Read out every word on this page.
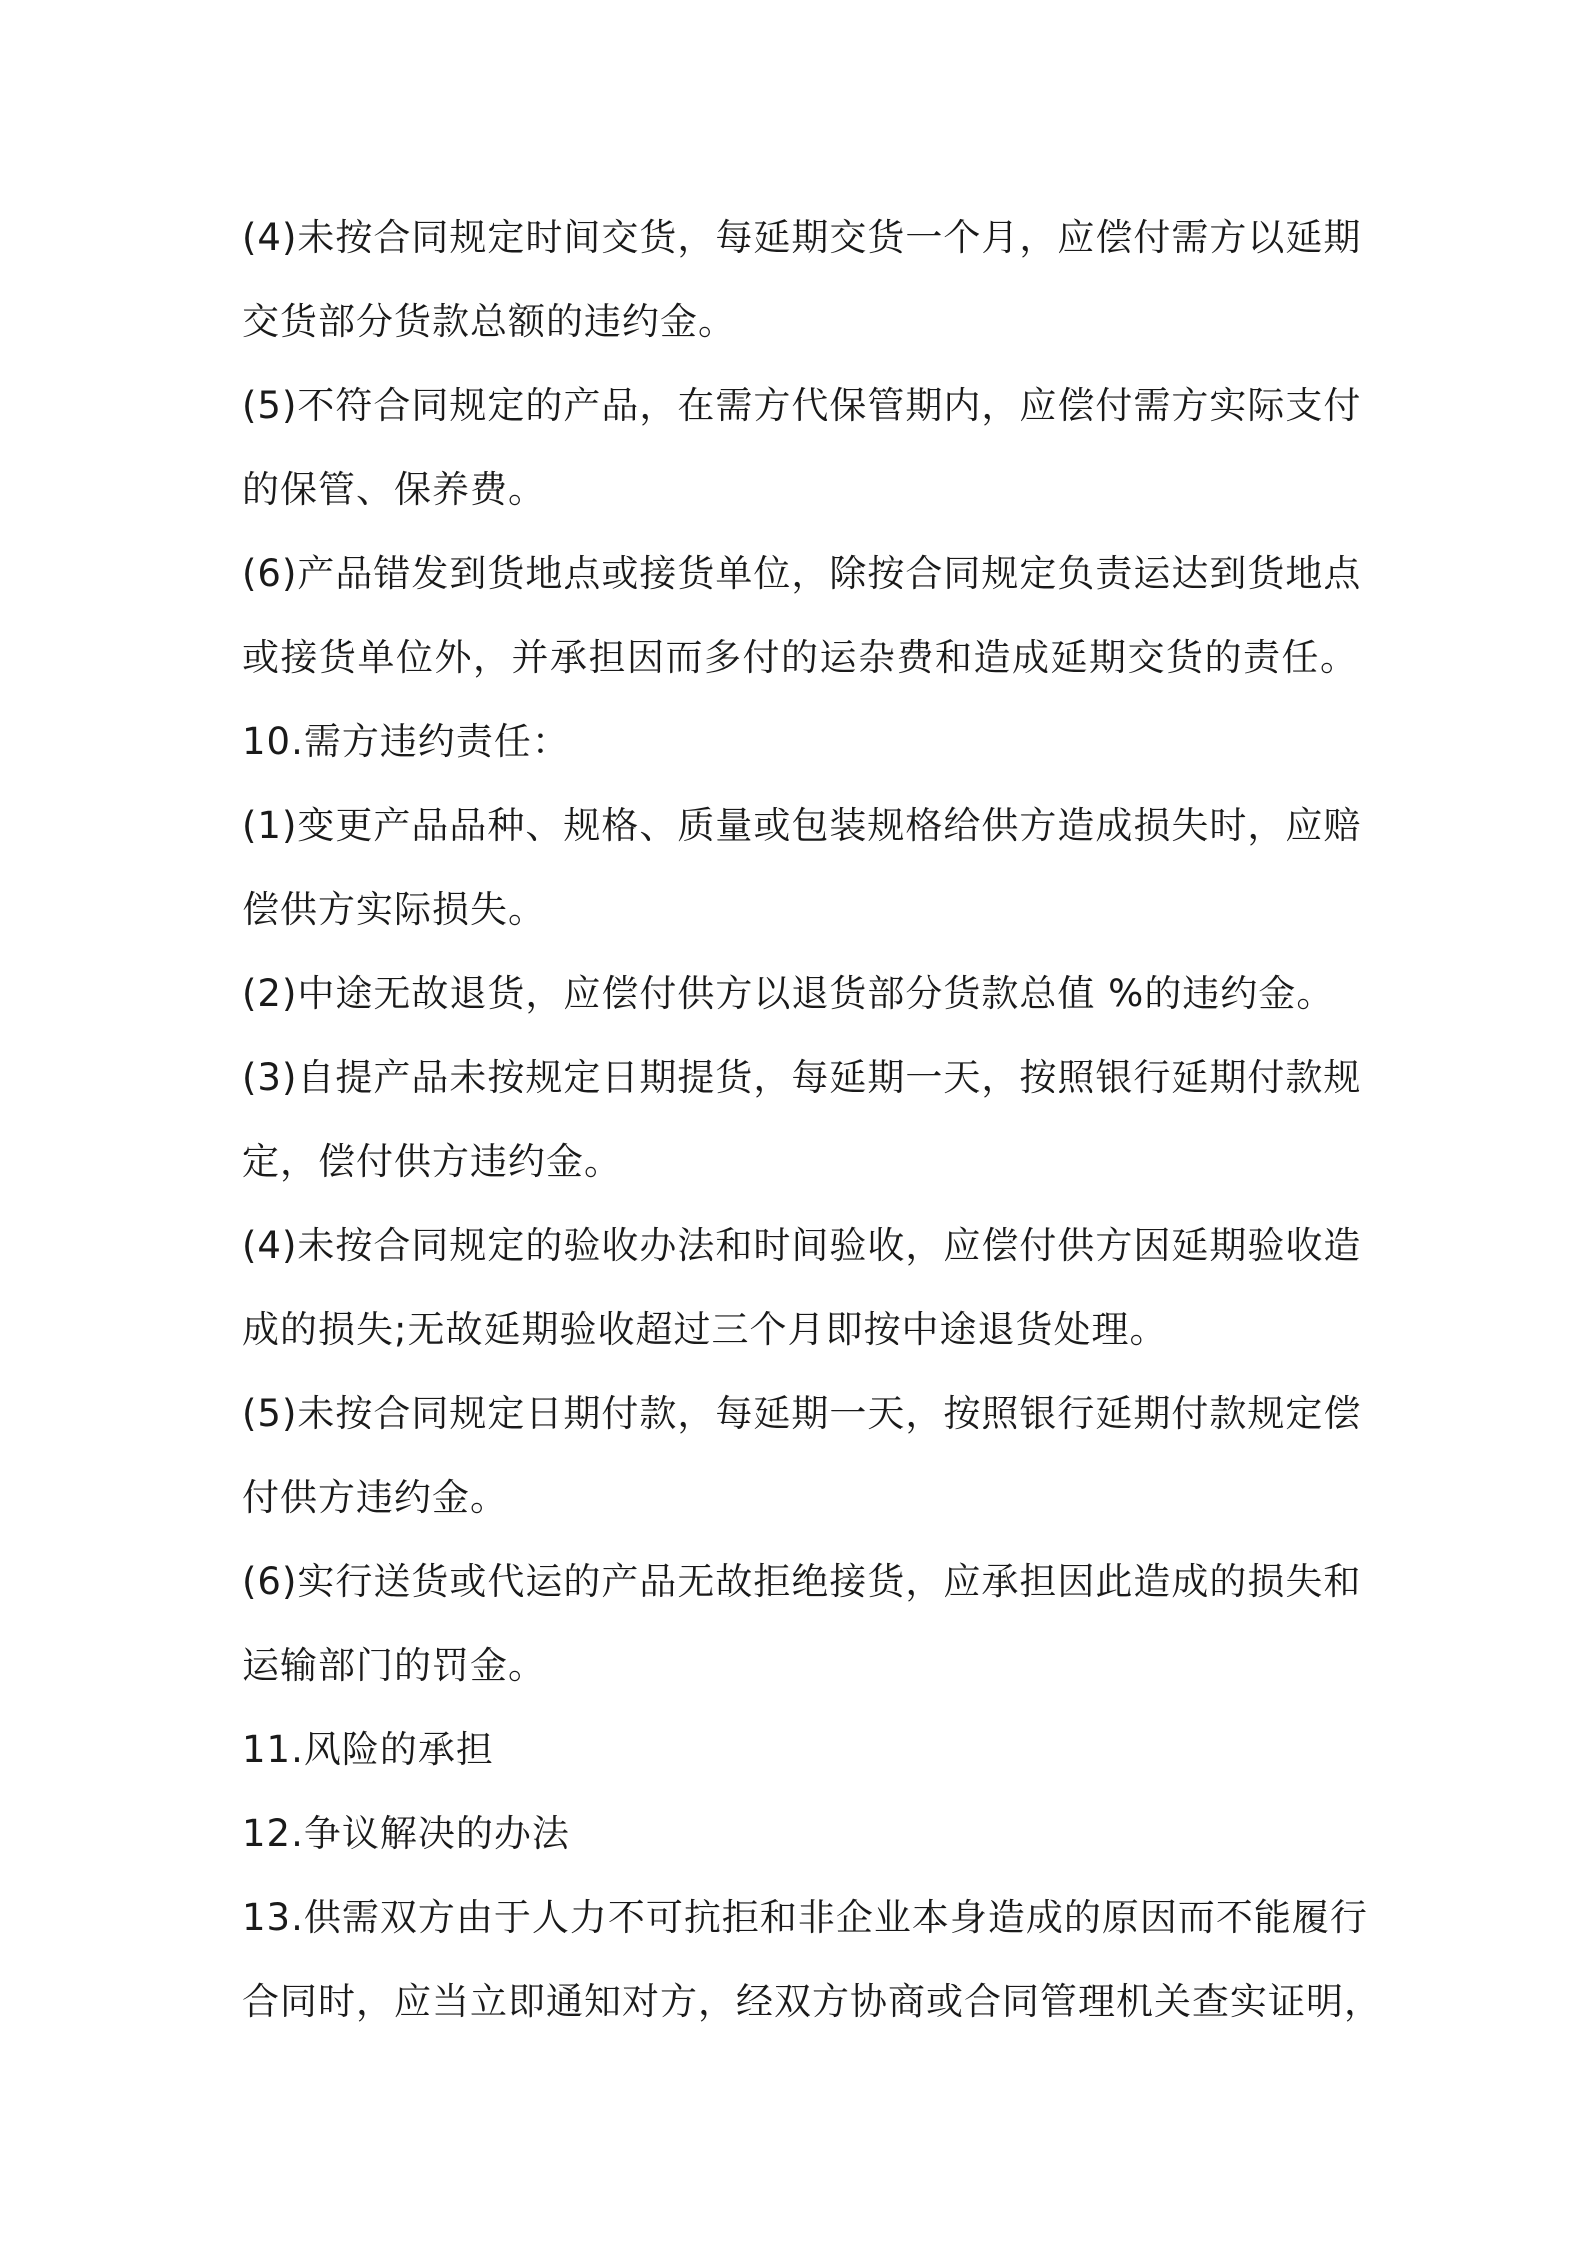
(4)未按合同规定时间交货，每延期交货一个月，应偿付需方以延期
交货部分货款总额的违约金。
(5)不符合同规定的产品，在需方代保管期内，应偿付需方实际支付
的保管、保养费。
(6)产品错发到货地点或接货单位，除按合同规定负责运达到货地点
或接货单位外，并承担因而多付的运杂费和造成延期交货的责任。
10.需方违约责任：
(1)变更产品品种、规格、质量或包装规格给供方造成损失时，应赔
偿供方实际损失。
(2)中途无故退货，应偿付供方以退货部分货款总值 %的违约金。
(3)自提产品未按规定日期提货，每延期一天，按照银行延期付款规
定，偿付供方违约金。
(4)未按合同规定的验收办法和时间验收，应偿付供方因延期验收造
成的损失;无故延期验收超过三个月即按中途退货处理。
(5)未按合同规定日期付款，每延期一天，按照银行延期付款规定偿
付供方违约金。
(6)实行送货或代运的产品无故拒绝接货，应承担因此造成的损失和
运输部门的罚金。
11.风险的承担
12.争议解决的办法
13.供需双方由于人力不可抗拒和非企业本身造成的原因而不能履行
合同时，应当立即通知对方，经双方协商或合同管理机关查实证明，
